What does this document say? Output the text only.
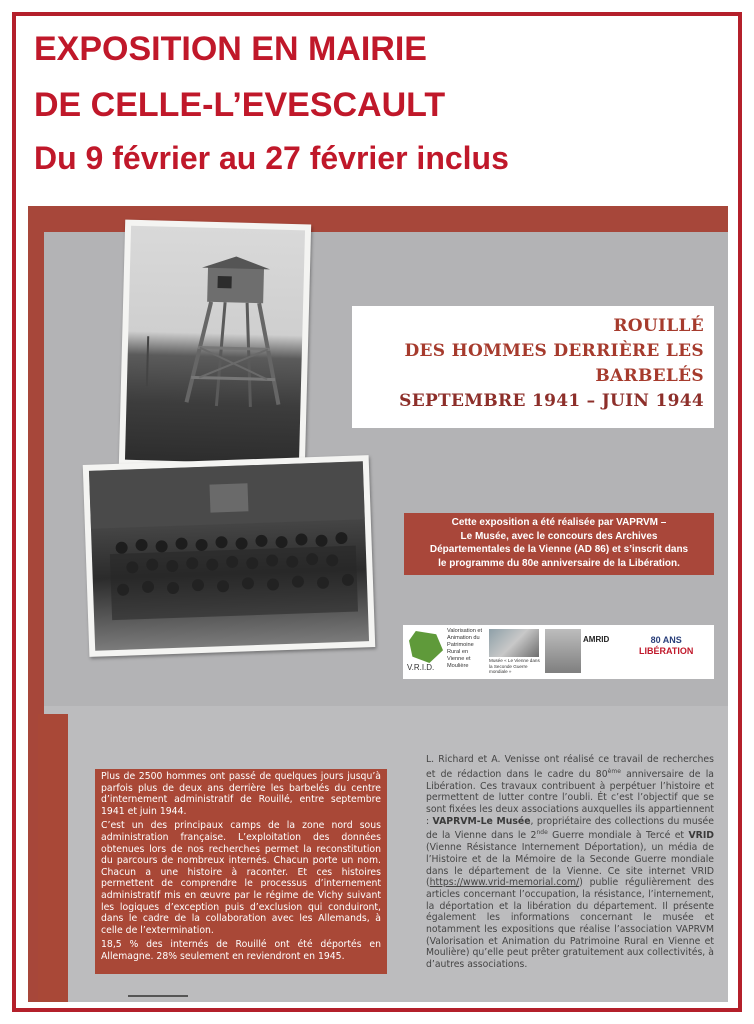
EXPOSITION EN MAIRIE
DE CELLE-L’EVESCAULT
Du 9 février au 27 février inclus

ROUILLÉ

DES HOMMES DERRIÈRE LES

BARBELÉS

SEPTEMBRE 1941 – JUIN 1944

Cette exposition a été réalisée par VAPRVM –
Le Musée, avec le concours des Archives
Départementales de la Vienne (AD 86) et s’inscrit dans
le programme du 80e anniversaire de la Libération.
V.R.I.D.
Valorisation et
Animation du
Patrimoine
Rural en
Vienne et
Moulière
Musée « Le Vienne dans la Seconde Guerre mondiale »
AMRID	80 ANS
LIBÉRATION

Plus de 2500 hommes ont passé de quelques jours jusqu’à parfois plus de deux ans derrière les barbelés du centre d’internement administratif de Rouillé, entre septembre 1941 et juin 1944.

C’est un des principaux camps de la zone nord sous administration française. L’exploitation des données obtenues lors de nos recherches permet la reconstitution du parcours de nombreux internés. Chacun porte un nom. Chacun a une histoire à raconter. Et ces histoires permettent de comprendre le processus d’internement administratif mis en œuvre par le régime de Vichy suivant les logiques d’exception puis d’exclusion qui conduiront, dans le cadre de la collaboration avec les Allemands, à celle de l’extermination.

18,5 % des internés de Rouillé ont été déportés en Allemagne. 28% seulement en reviendront en 1945.

L. Richard et A. Venisse ont réalisé ce travail de recherches et de rédaction dans le cadre du 80ème anniversaire de la Libération. Ces travaux contribuent à perpétuer l’histoire et permettent de lutter contre l’oubli. Ét c’est l’objectif que se sont fixées les deux associations auxquelles ils appartiennent : VAPRVM-Le Musée, propriétaire des collections du musée de la Vienne dans le 2nde Guerre mondiale à Tercé et VRID (Vienne Résistance Internement Déportation), un média de l’Histoire et de la Mémoire de la Seconde Guerre mondiale dans le département de la Vienne. Ce site internet VRID (https://www.vrid-memorial.com/) publie régulièrement des articles concernant l’occupation, la résistance, l’internement, la déportation et la libération du département. Il présente également les informations concernant le musée et notamment les expositions que réalise l’association VAPRVM (Valorisation et Animation du Patrimoine Rural en Vienne et Moulière) qu’elle peut prêter gratuitement aux collectivités, à d’autres associations.
